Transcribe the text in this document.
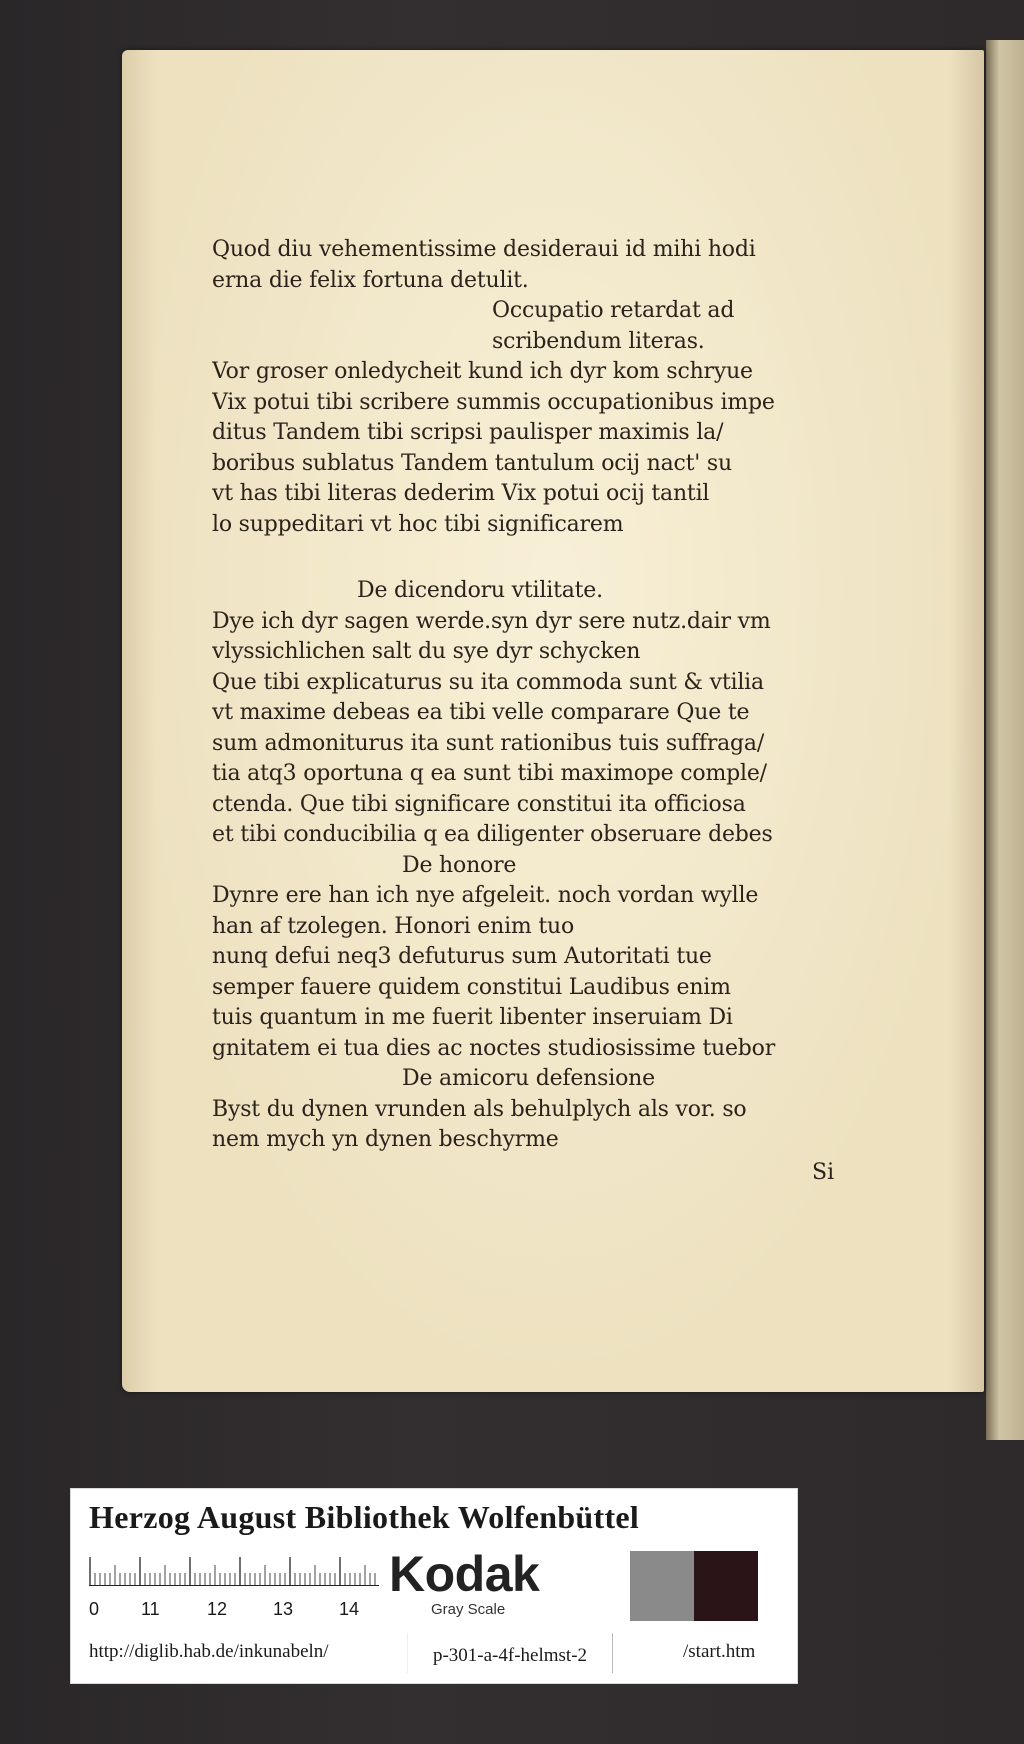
Quod diu vehementissime desideraui id mihi hodi
erna die felix fortuna detulit.
Occupatio retardat ad
scribendum literas.
Vor groser onledycheit kund ich dyr kom schryue
Vix potui tibi scribere summis occupationibus impe
ditus Tandem tibi scripsi paulisper maximis la/
boribus sublatus Tandem tantulum ocij nact' su
vt has tibi literas dederim Vix potui ocij tantil
lo suppeditari vt hoc tibi significarem
De dicendoru vtilitate.
Dye ich dyr sagen werde.syn dyr sere nutz.dair vm
vlyssichlichen salt du sye dyr schycken
Que tibi explicaturus su ita commoda sunt & vtilia
vt maxime debeas ea tibi velle comparare Que te
sum admoniturus ita sunt rationibus tuis suffraga/
tia atq3 oportuna q ea sunt tibi maximope comple/
ctenda. Que tibi significare constitui ita officiosa
et tibi conducibilia q ea diligenter obseruare debes
De honore
Dynre ere han ich nye afgeleit. noch vordan wylle
han af tzolegen. Honori enim tuo
nunq defui neq3 defuturus sum Autoritati tue
semper fauere quidem constitui Laudibus enim
tuis quantum in me fuerit libenter inseruiam Di
gnitatem ei tua dies ac noctes studiosissime tuebor
De amicoru defensione
Byst du dynen vrunden als behulplych als vor. so
nem mych yn dynen beschyrme
Si
Herzog August Bibliothek Wolfenbüttel
0 11	12	13	14
Kodak
Gray Scale
http://diglib.hab.de/inkunabeln/	p-301-a-4f-helmst-2	/start.htm
